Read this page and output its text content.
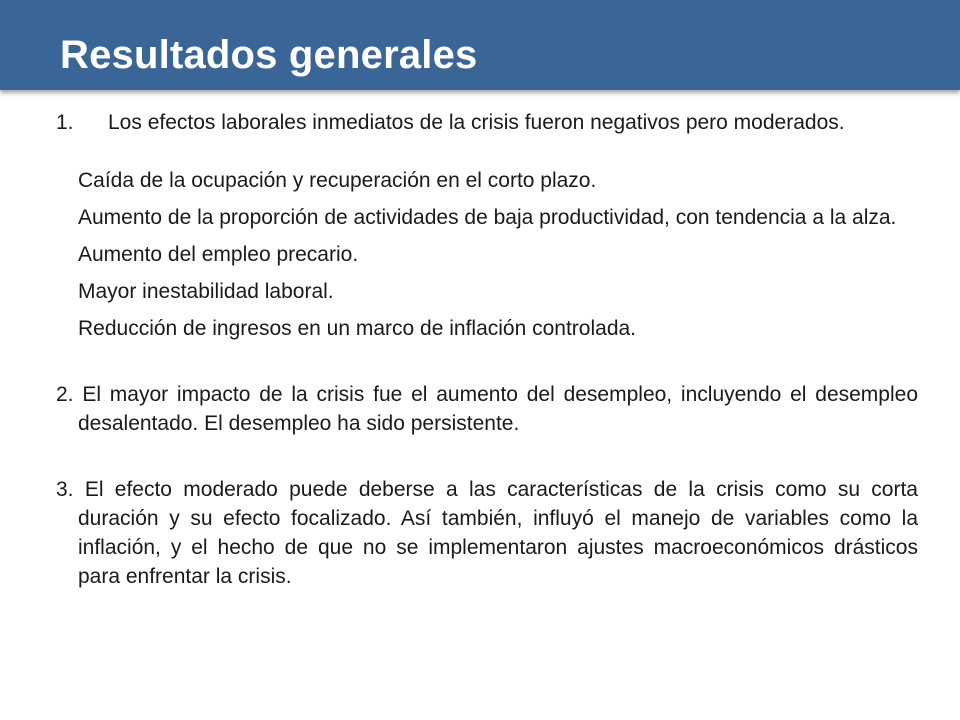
Resultados generales

1. Los efectos laborales inmediatos de la crisis fueron negativos pero moderados.

Caída de la ocupación y recuperación en el corto plazo.

Aumento de la proporción de actividades de baja productividad, con tendencia a la alza.

Aumento del empleo precario.

Mayor inestabilidad laboral.

Reducción de ingresos en un marco de inflación controlada.

2. El mayor impacto de la crisis fue el aumento del desempleo, incluyendo el desempleo desalentado. El desempleo ha sido persistente.

3. El efecto moderado puede deberse a las características de la crisis como su corta duración y su efecto focalizado. Así también, influyó el manejo de variables como la inflación, y el hecho de que no se implementaron ajustes macroeconómicos drásticos para enfrentar la crisis.
